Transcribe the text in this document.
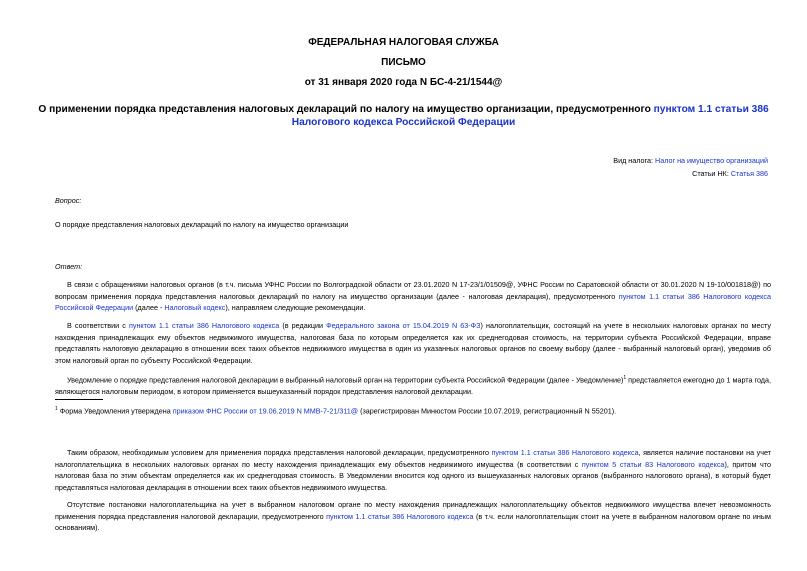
ФЕДЕРАЛЬНАЯ НАЛОГОВАЯ СЛУЖБА
ПИСЬМО
от 31 января 2020 года N БС-4-21/1544@
О применении порядка представления налоговых деклараций по налогу на имущество организации, предусмотренного пунктом 1.1 статьи 386 Налогового кодекса Российской Федерации
Вид налога: Налог на имущество организаций
Статьи НК: Статья 386
Вопрос:
О порядке представления налоговых деклараций по налогу на имущество организации
Ответ:

В связи с обращениями налоговых органов (в т.ч. письма УФНС России по Волгоградской области от 23.01.2020 N 17-23/1/01509@, УФНС России по Саратовской области от 30.01.2020 N 19-10/001818@) по вопросам применения порядка представления налоговых деклараций по налогу на имущество организации (далее - налоговая декларация), предусмотренного пунктом 1.1 статьи 386 Налогового кодекса Российской Федерации (далее - Налоговый кодекс), направляем следующие рекомендации.

В соответствии с пунктом 1.1 статьи 386 Налогового кодекса (в редакции Федерального закона от 15.04.2019 N 63-ФЗ) налогоплательщик, состоящий на учете в нескольких налоговых органах по месту нахождения принадлежащих ему объектов недвижимого имущества, налоговая база по которым определяется как их среднегодовая стоимость, на территории субъекта Российской Федерации, вправе представлять налоговую декларацию в отношении всех таких объектов недвижимого имущества в один из указанных налоговых органов по своему выбору (далее - выбранный налоговый орган), уведомив об этом налоговый орган по субъекту Российской Федерации.

Уведомление о порядке представления налоговой декларации в выбранный налоговый орган на территории субъекта Российской Федерации (далее - Уведомление)$^1$ представляется ежегодно до 1 марта года, являющегося налоговым периодом, в котором применяется вышеуказанный порядок представления налоговой декларации.

$^1$ Форма Уведомления утверждена приказом ФНС России от 19.06.2019 N ММВ-7-21/311@ (зарегистрирован Минюстом России 10.07.2019, регистрационный N 55201).

Таким образом, необходимым условием для применения порядка представления налоговой декларации, предусмотренного пунктом 1.1 статьи 386 Налогового кодекса, является наличие постановки на учет налогоплательщика в нескольких налоговых органах по месту нахождения принадлежащих ему объектов недвижимого имущества (в соответствии с пунктом 5 статьи 83 Налогового кодекса), притом что налоговая база по этим объектам определяется как их среднегодовая стоимость. В Уведомлении вносится код одного из вышеуказанных налоговых органов (выбранного налогового органа), в который будет представляться налоговая декларация в отношении всех таких объектов недвижимого имущества.

Отсутствие постановки налогоплательщика на учет в выбранном налоговом органе по месту нахождения принадлежащих налогоплательщику объектов недвижимого имущества влечет невозможность применения порядка представления налоговой декларации, предусмотренного пунктом 1.1 статьи 386 Налогового кодекса (в т.ч. если налогоплательщик стоит на учете в выбранном налоговом органе по иным основаниям).
